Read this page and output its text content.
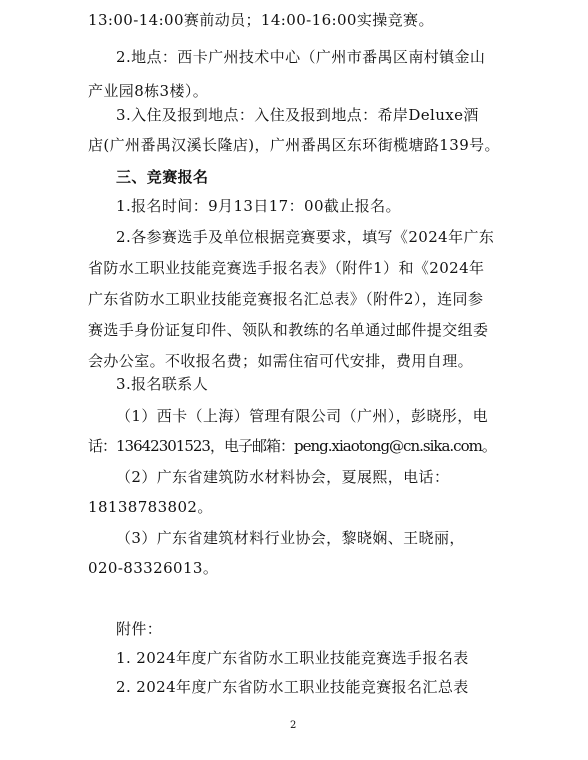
13:00-14:00赛前动员；14:00-16:00实操竞赛。
2.地点：西卡广州技术中心（广州市番禺区南村镇金山
产业园8栋3楼）。
3.入住及报到地点：入住及报到地点：希岸Deluxe酒
店(广州番禺汉溪长隆店)，广州番禺区东环街榄塘路139号。
三、竞赛报名
1.报名时间：9月13日17：00截止报名。
2.各参赛选手及单位根据竞赛要求，填写《2024年广东
省防水工职业技能竞赛选手报名表》（附件1）和《2024年
广东省防水工职业技能竞赛报名汇总表》（附件2），连同参
赛选手身份证复印件、领队和教练的名单通过邮件提交组委
会办公室。不收报名费；如需住宿可代安排，费用自理。
3.报名联系人
（1）西卡（上海）管理有限公司（广州），彭晓彤，电
话：13642301523，电子邮箱：peng.xiaotong@cn.sika.com。
（2）广东省建筑防水材料协会，夏展熙，电话：
18138783802。
（3）广东省建筑材料行业协会，黎晓娴、王晓丽，
020-83326013。
附件：
1. 2024年度广东省防水工职业技能竞赛选手报名表
2. 2024年度广东省防水工职业技能竞赛报名汇总表
2
